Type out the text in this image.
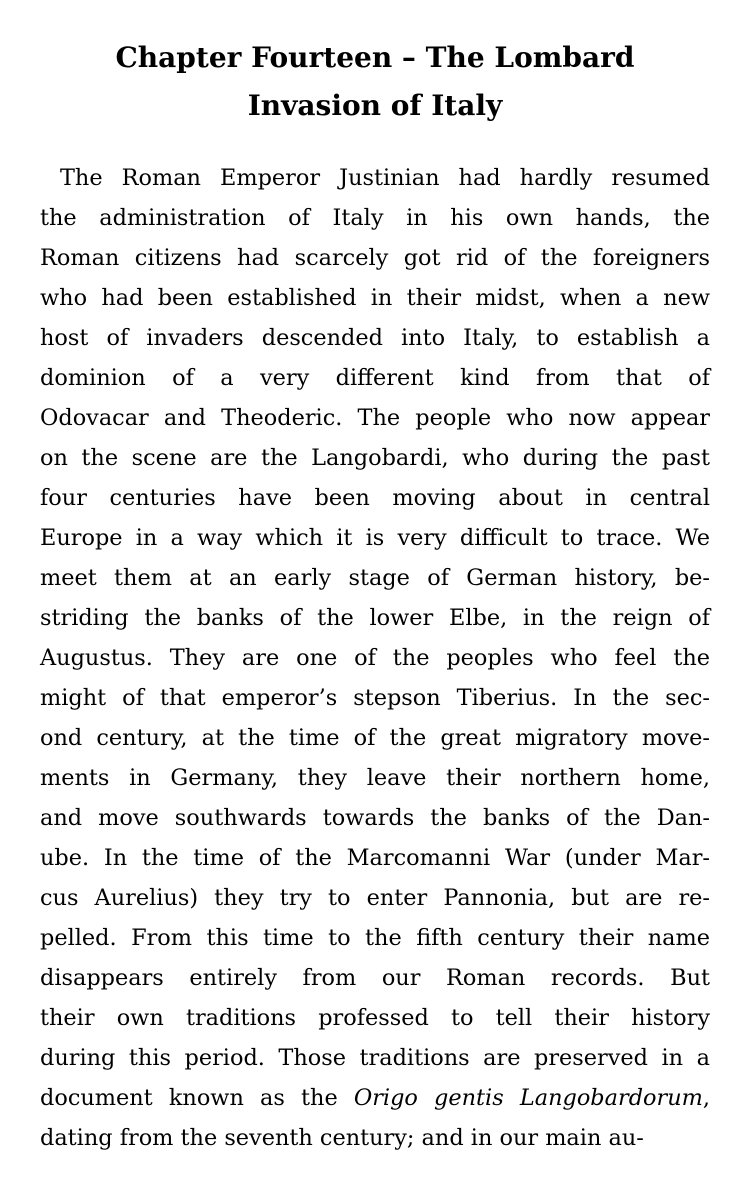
Chapter Fourteen – The Lombard
Invasion of Italy
The Roman Emperor Justinian had hardly resumed
the administration of Italy in his own hands, the
Roman citizens had scarcely got rid of the foreigners
who had been established in their midst, when a new
host of invaders descended into Italy, to establish a
dominion of a very different kind from that of
Odovacar and Theoderic. The people who now appear
on the scene are the Langobardi, who during the past
four centuries have been moving about in central
Europe in a way which it is very difficult to trace. We
meet them at an early stage of German history, be-
striding the banks of the lower Elbe, in the reign of
Augustus. They are one of the peoples who feel the
might of that emperor’s stepson Tiberius. In the sec-
ond century, at the time of the great migratory move-
ments in Germany, they leave their northern home,
and move southwards towards the banks of the Dan-
ube. In the time of the Marcomanni War (under Mar-
cus Aurelius) they try to enter Pannonia, but are re-
pelled. From this time to the fifth century their name
disappears entirely from our Roman records. But
their own traditions professed to tell their history
during this period. Those traditions are preserved in a
document known as the Origo gentis Langobardorum,
dating from the seventh century; and in our main au-
